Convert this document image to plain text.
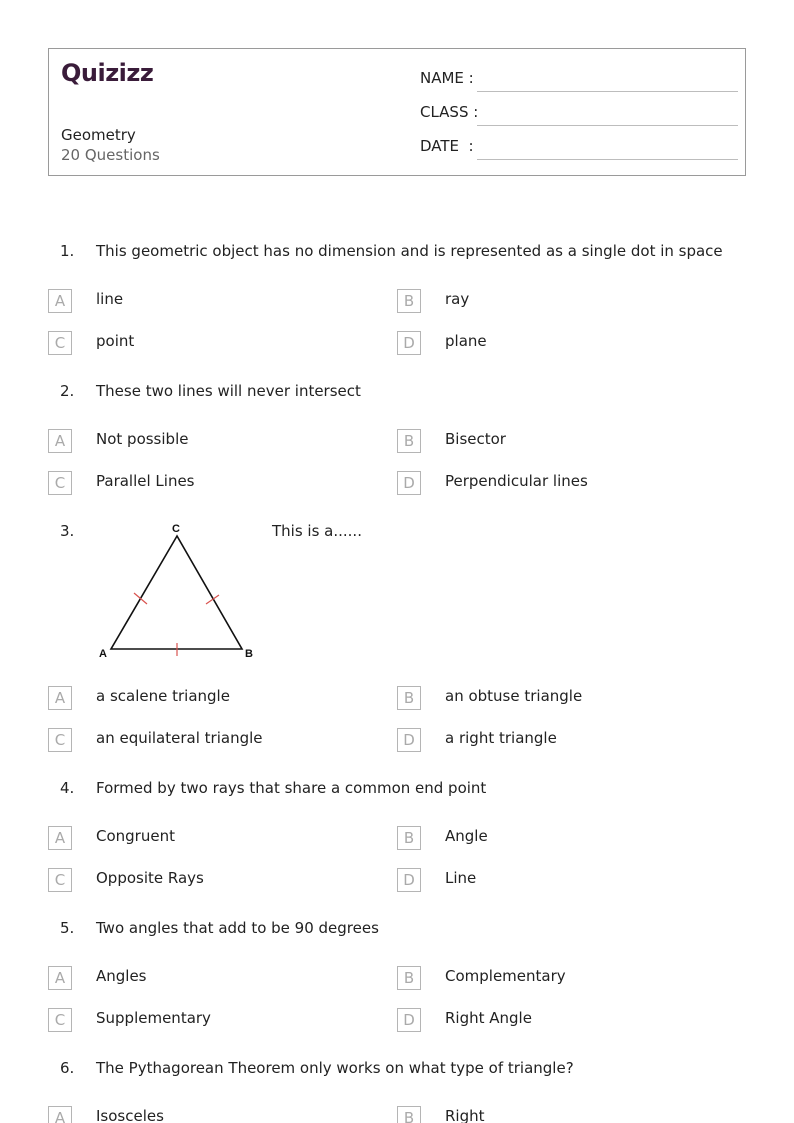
Quizizz
Geometry
20 Questions
NAME :
CLASS :
DATE  :
1. This geometric object has no dimension and is represented as a single dot in space
A	line	B	ray
C	point	D	plane
2. These two lines will never intersect
A	Not possible	B	Bisector
C	Parallel Lines	D	Perpendicular lines
3.	C
A	B
This is a......
A	a scalene triangle	B	an obtuse triangle
C	an equilateral triangle	D	a right triangle
4. Formed by two rays that share a common end point
A	Congruent	B	Angle
C	Opposite Rays	D	Line
5. Two angles that add to be 90 degrees
A	Angles	B	Complementary
C	Supplementary	D	Right Angle
6. The Pythagorean Theorem only works on what type of triangle?
A	Isosceles	B	Right
